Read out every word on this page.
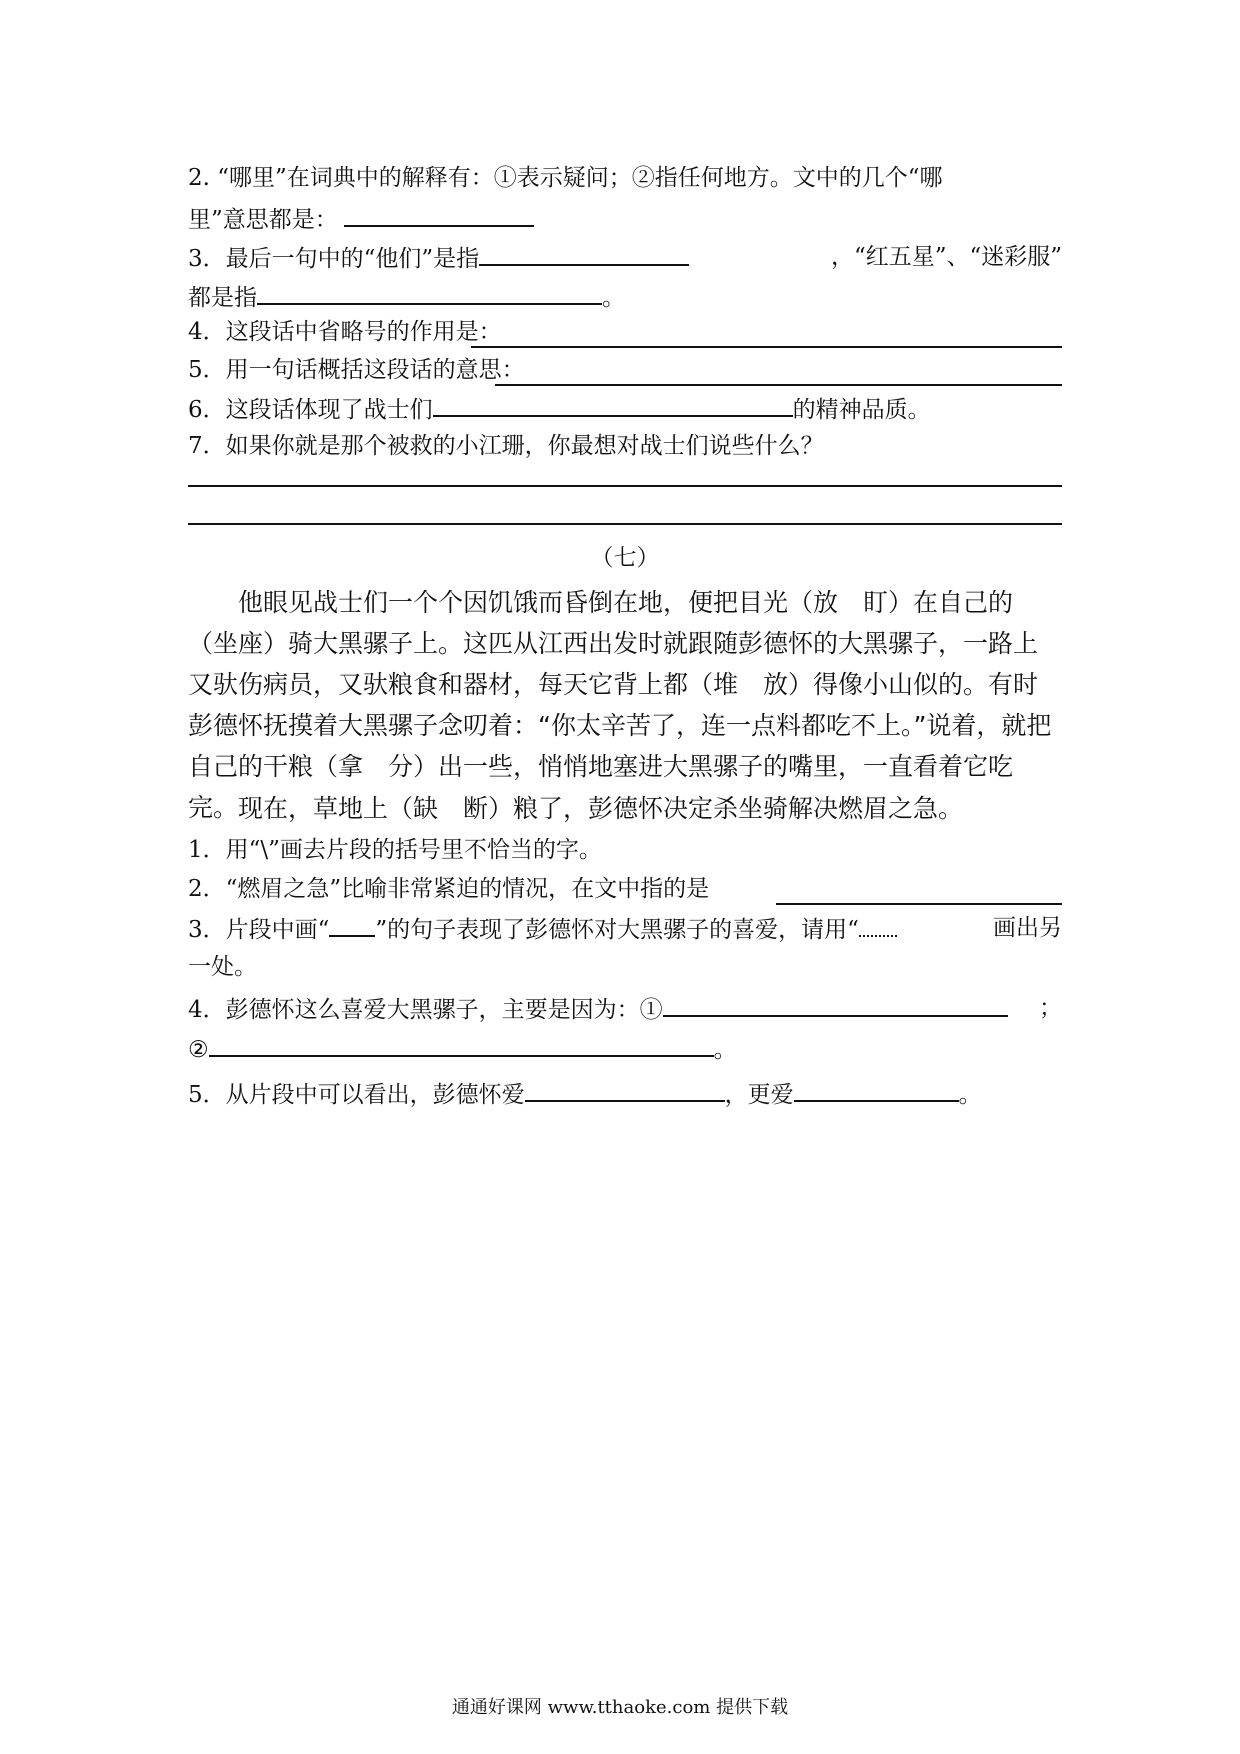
2. “哪里”在词典中的解释有：①表示疑问；②指任何地方。文中的几个“哪
里”意思都是：
3．最后一句中的“他们”是指	，“红五星”、“迷彩服”
都是指	。
4．这段话中省略号的作用是：
5．用一句话概括这段话的意思：
6．这段话体现了战士们	的精神品质。
7．如果你就是那个被救的小江珊，你最想对战士们说些什么？
（七）
他眼见战士们一个个因饥饿而昏倒在地，便把目光（放　盯）在自己的（坐座）骑大黑骡子上。这匹从江西出发时就跟随彭德怀的大黑骡子，一路上又驮伤病员，又驮粮食和器材，每天它背上都（堆　放）得像小山似的。有时彭德怀抚摸着大黑骡子念叨着：“你太辛苦了，连一点料都吃不上。”说着，就把自己的干粮（拿　分）出一些，悄悄地塞进大黑骡子的嘴里，一直看着它吃完。 现在，草地上（缺　断）粮了，彭德怀决定杀坐骑解决燃眉之急。
1．用“\”画去片段的括号里不恰当的字。
2．“燃眉之急”比喻非常紧迫的情况，在文中指的是
3．片段中画“ ”的句子表现了彭德怀对大黑骡子的喜爱，请用“	画出另
一处。
4．彭德怀这么喜爱大黑骡子，主要是因为：①	；
②	。
5．从片段中可以看出，彭德怀爱	，更爱	。
通通好课网 www.tthaoke.com 提供下载
